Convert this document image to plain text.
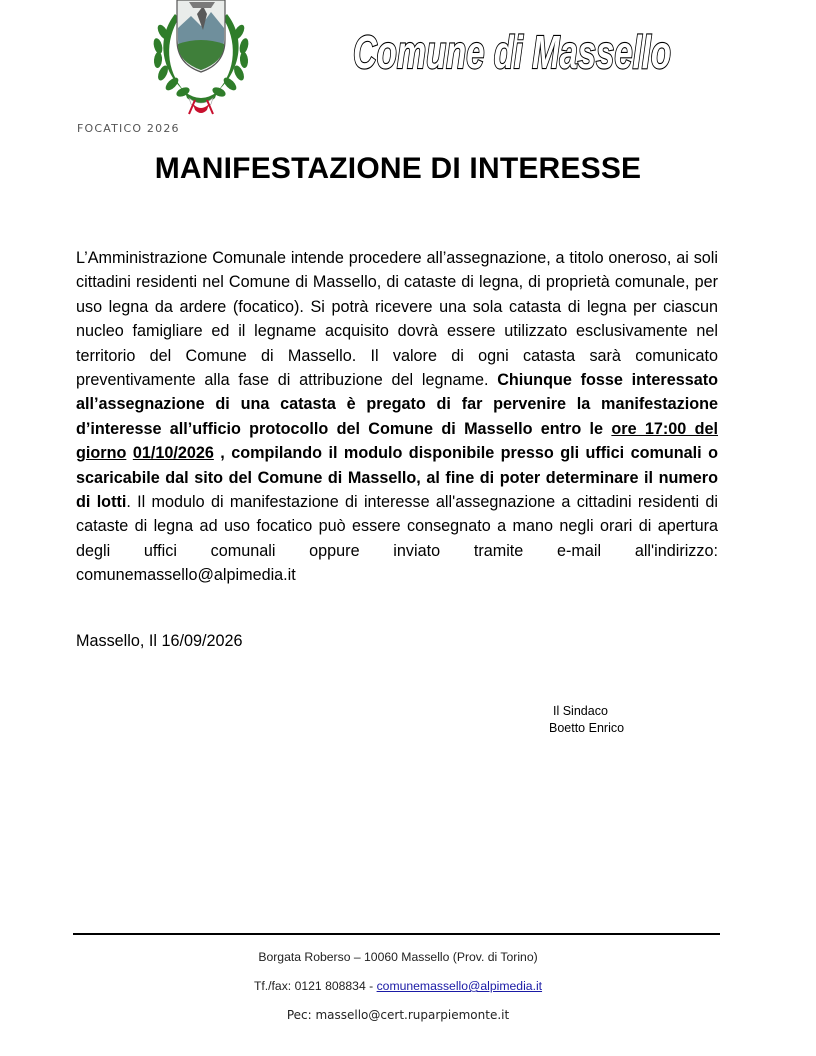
Comune di Massello
FOCATICO 2026
MANIFESTAZIONE DI INTERESSE

L’Amministrazione Comunale intende procedere all’assegnazione, a titolo oneroso, ai soli cittadini residenti nel Comune di Massello, di cataste di legna, di proprietà comunale, per uso legna da ardere (focatico). Si potrà ricevere una sola catasta di legna per ciascun nucleo famigliare ed il legname acquisito dovrà essere utilizzato esclusivamente nel territorio del Comune di Massello. Il valore di ogni catasta sarà comunicato preventivamente alla fase di attribuzione del legname. Chiunque fosse interessato all’assegnazione di una catasta è pregato di far pervenire la manifestazione d’interesse all’ufficio protocollo del Comune di Massello entro le ore 17:00 del giorno 01/10/2026 , compilando il modulo disponibile presso gli uffici comunali o scaricabile dal sito del Comune di Massello, al fine di poter determinare il numero di lotti. Il modulo di manifestazione di interesse all'assegnazione a cittadini residenti di cataste di legna ad uso focatico può essere consegnato a mano negli orari di apertura degli uffici comunali oppure inviato tramite e-mail all'indirizzo: comunemassello@alpimedia.it

Massello, Il 16/09/2026
Il Sindaco
Boetto Enrico
Borgata Roberso – 10060 Massello (Prov. di Torino)
Tf./fax: 0121 808834 - comunemassello@alpimedia.it
Pec: massello@cert.ruparpiemonte.it
